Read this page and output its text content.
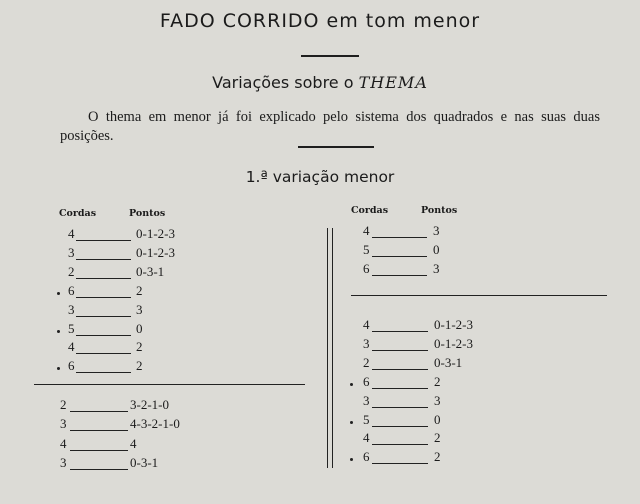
FADO CORRIDO em tom menor
Variações sobre o THEMA
O thema em menor já foi explicado pelo sistema dos quadrados e nas suas duas posições.
1.ª variação menor
Cordas	Pontos	Cordas	Pontos
4	0-1-2-3
3	0-1-2-3
2	0-3-1
6	2
3	3
5	0
4	2
6	2
2	3-2-1-0
3	4-3-2-1-0
4	4
3	0-3-1
4	3
5	0
6	3
4	0-1-2-3
3	0-1-2-3
2	0-3-1
6	2
3	3
5	0
4	2
6	2
